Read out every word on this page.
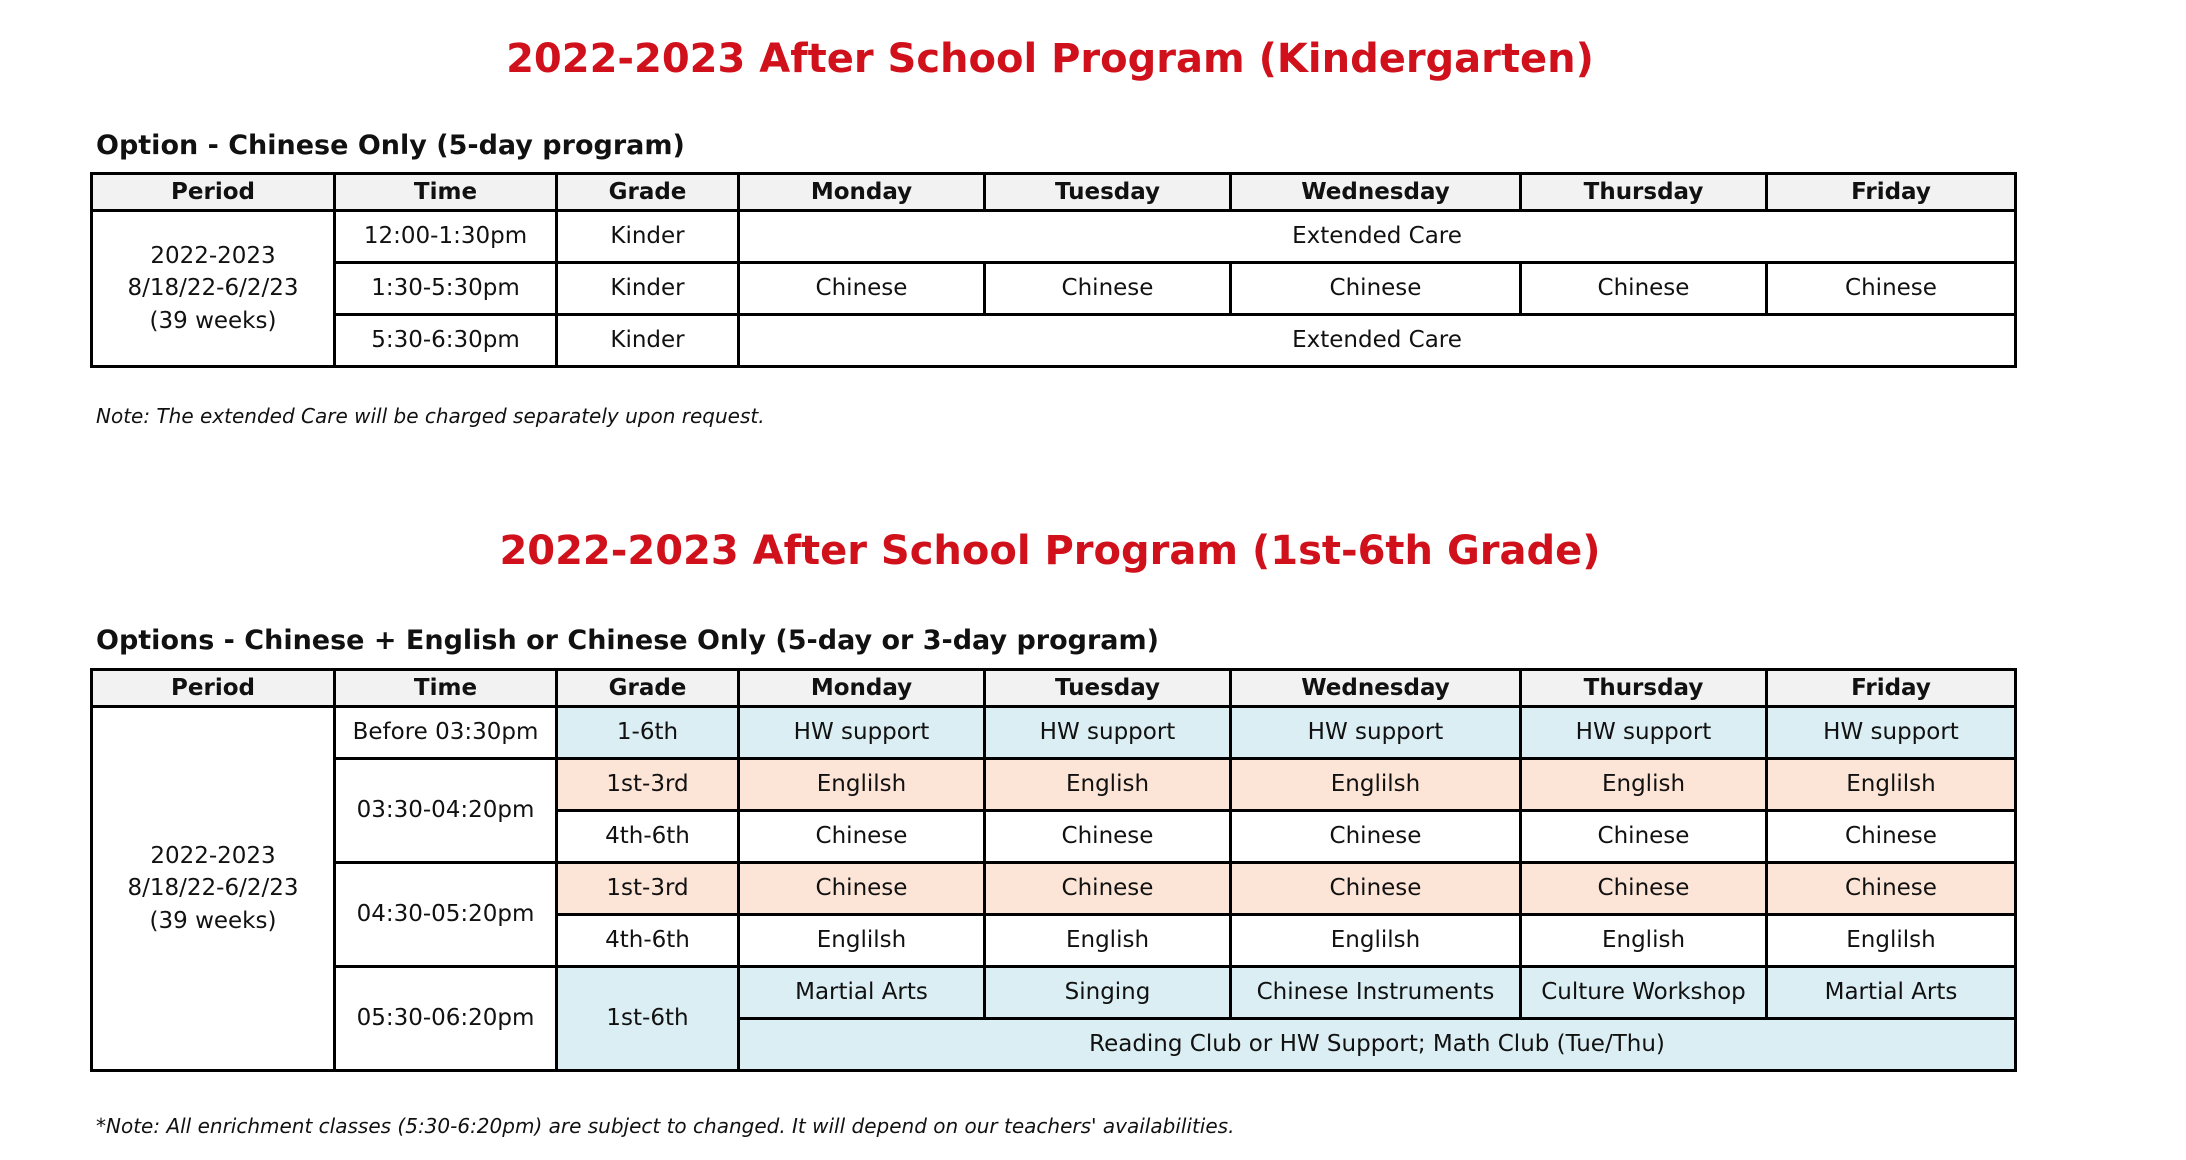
2022-2023 After School Program (Kindergarten)
Option - Chinese Only (5-day program)
Period	Time	Grade	Monday	Tuesday	Wednesday	Thursday	Friday

2022-2023
8/18/22-6/2/23
(39 weeks)	12:00-1:30pm	Kinder	Extended Care				
	1:30-5:30pm	Kinder	Chinese	Chinese	Chinese	Chinese	Chinese
	5:30-6:30pm	Kinder	Extended Care				

Note: The extended Care will be charged separately upon request.

2022-2023 After School Program (1st-6th Grade)
Options - Chinese + English or Chinese Only (5-day or 3-day program)
Period	Time	Grade	Monday	Tuesday	Wednesday	Thursday	Friday

2022-2023
8/18/22-6/2/23
(39 weeks)	Before 03:30pm	1-6th	HW support	HW support	HW support	HW support	HW support
	03:30-04:20pm	1st-3rd	Englilsh	English	Englilsh	English	Englilsh
		4th-6th	Chinese	Chinese	Chinese	Chinese	Chinese
	04:30-05:20pm	1st-3rd	Chinese	Chinese	Chinese	Chinese	Chinese
		4th-6th	Englilsh	English	Englilsh	English	Englilsh
	05:30-06:20pm	1st-6th	Martial Arts	Singing	Chinese Instruments	Culture Workshop	Martial Arts
			Reading Club or HW Support; Math Club (Tue/Thu)				

*Note: All enrichment classes (5:30-6:20pm) are subject to changed. It will depend on our teachers' availabilities.
